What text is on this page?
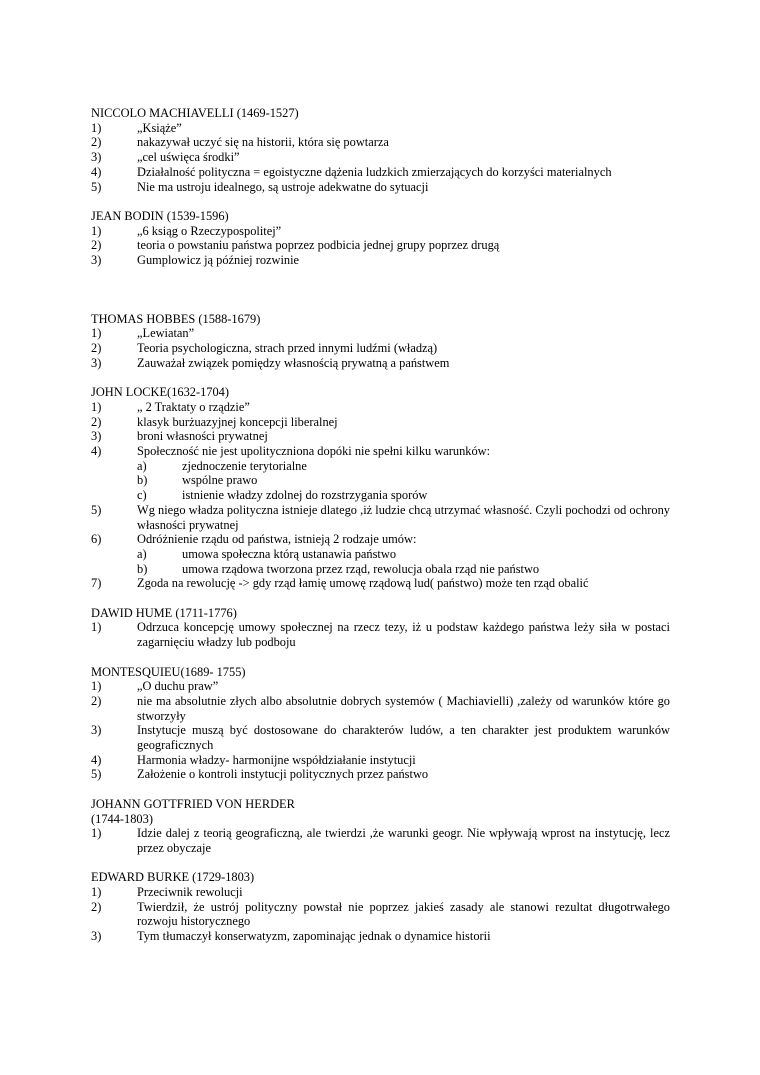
NICCOLO MACHIAVELLI (1469-1527)
1)	„Książe”
2)	nakazywał uczyć się na historii, która się powtarza
3)	„cel uświęca środki”
4)	Działalność polityczna = egoistyczne dążenia ludzkich zmierzających do korzyści materialnych
5)	Nie ma ustroju idealnego, są ustroje adekwatne do sytuacji
JEAN BODIN (1539-1596)
1)	„6 ksiąg o Rzeczypospolitej”
2)	teoria o powstaniu państwa poprzez podbicia jednej grupy poprzez drugą
3)	Gumplowicz ją później rozwinie
THOMAS HOBBES (1588-1679)
1)	„Lewiatan”
2)	Teoria psychologiczna, strach przed innymi ludźmi (władzą)
3)	Zauważał związek pomiędzy własnością prywatną a państwem
JOHN LOCKE(1632-1704)
1)	„ 2 Traktaty o rządzie”
2)	klasyk burżuazyjnej koncepcji liberalnej
3)	broni własności prywatnej
4)	Społeczność nie jest upolityczniona dopóki nie spełni kilku warunków:
a)	zjednoczenie terytorialne
b)	wspólne prawo
c)	istnienie władzy zdolnej do rozstrzygania sporów
5)	Wg niego władza polityczna istnieje dlatego ,iż ludzie chcą utrzymać własność. Czyli pochodzi od ochrony własności prywatnej
6)	Odróżnienie rządu od państwa, istnieją 2 rodzaje umów:
a)	umowa społeczna którą ustanawia państwo
b)	umowa rządowa tworzona przez rząd, rewolucja obala rząd nie państwo
7)	Zgoda na rewolucję -> gdy rząd łamię umowę rządową lud( państwo) może ten rząd obalić
DAWID HUME (1711-1776)
1)	Odrzuca koncepcję umowy społecznej na rzecz tezy, iż u podstaw każdego państwa leży siła w postaci zagarnięciu władzy lub podboju
MONTESQUIEU(1689- 1755)
1)	„O duchu praw”
2)	nie ma absolutnie złych albo absolutnie dobrych systemów ( Machiavielli) ,zależy od warunków które go stworzyły
3)	Instytucje muszą być dostosowane do charakterów ludów, a ten charakter jest produktem warunków geograficznych
4)	Harmonia władzy- harmonijne współdziałanie instytucji
5)	Założenie o kontroli instytucji politycznych przez państwo
JOHANN GOTTFRIED VON HERDER
(1744-1803)
1)	Idzie dalej z teorią geograficzną, ale twierdzi ,że warunki geogr. Nie wpływają wprost na instytucję, lecz przez obyczaje
EDWARD BURKE (1729-1803)
1)	Przeciwnik rewolucji
2)	Twierdził, że ustrój polityczny powstał nie poprzez jakieś zasady ale stanowi rezultat długotrwałego rozwoju historycznego
3)	Tym tłumaczył konserwatyzm, zapominając jednak o dynamice historii
